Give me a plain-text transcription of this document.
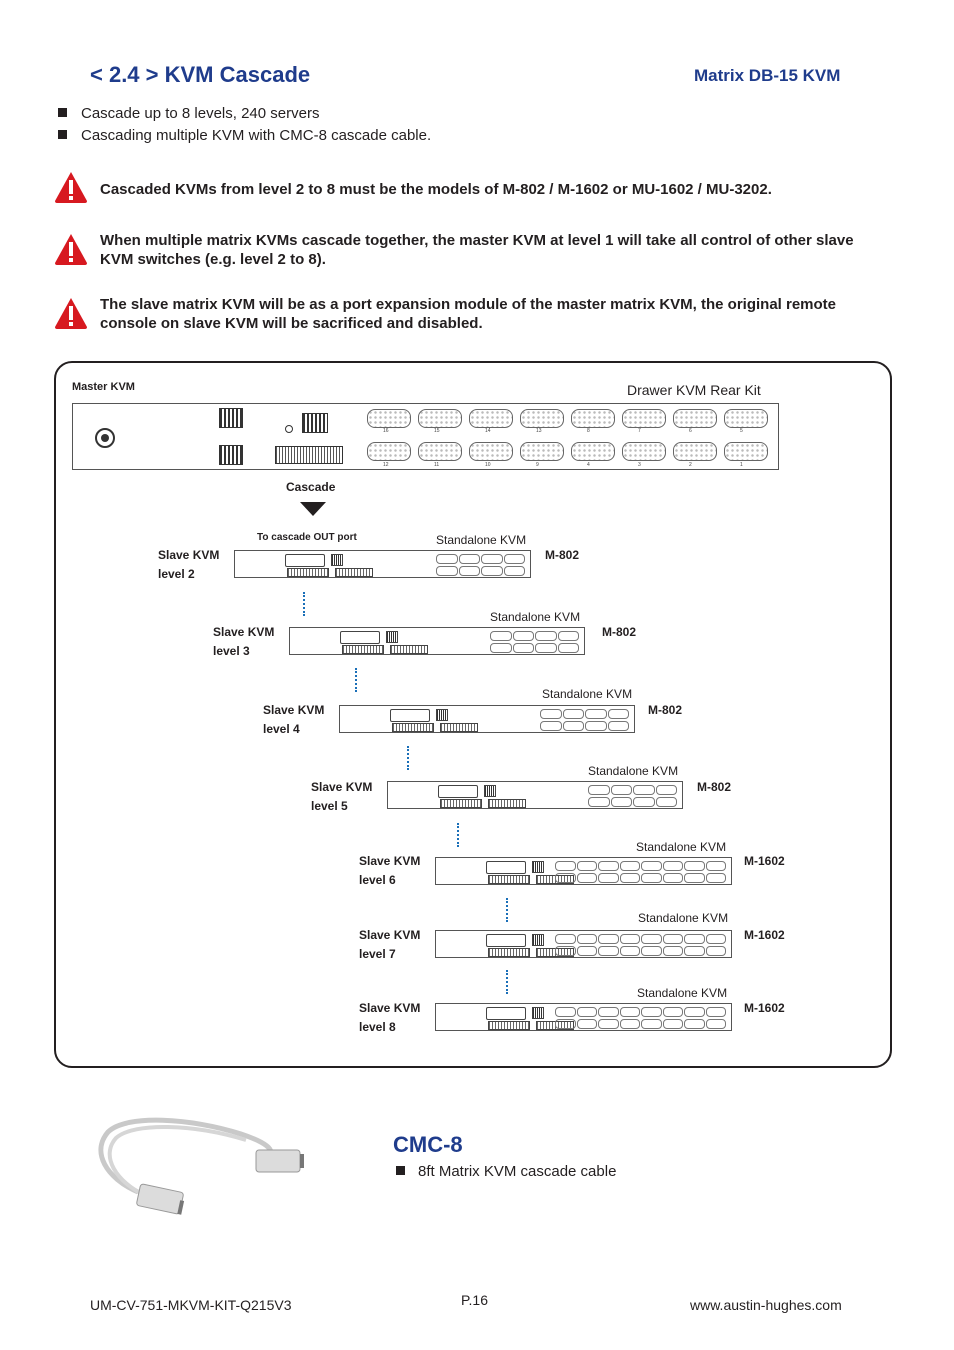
< 2.4 > KVM Cascade	Matrix DB-15 KVM
Cascade up to 8 levels, 240 servers
Cascading multiple KVM with CMC-8 cascade cable.
Cascaded KVMs from level 2 to 8 must be the models of M-802 / M-1602 or MU-1602 / MU-3202.
When multiple matrix KVMs cascade together, the master KVM at level 1 will take all control of other slave KVM switches (e.g. level 2 to 8).
The slave matrix KVM will be as a port expansion module of the master matrix KVM, the original remote console on slave KVM will be sacrificed and disabled.
Master KVM	Drawer KVM Rear Kit
16	15	14	13	8	7	6	5
12	11	10	9	4	3	2	1
Cascade
To cascade OUT port
Slave KVM
level 2
Standalone KVM
M-802
Slave KVM
level 3
Standalone KVM
M-802
Slave KVM
level 4
Standalone KVM
M-802
Slave KVM
level 5
Standalone KVM
M-802
Slave KVM
level 6
Standalone KVM
M-1602
Slave KVM
level 7
Standalone KVM
M-1602
Slave KVM
level 8
Standalone KVM
M-1602
CMC-8
8ft Matrix KVM cascade cable
UM-CV-751-MKVM-KIT-Q215V3	P.16	www.austin-hughes.com
